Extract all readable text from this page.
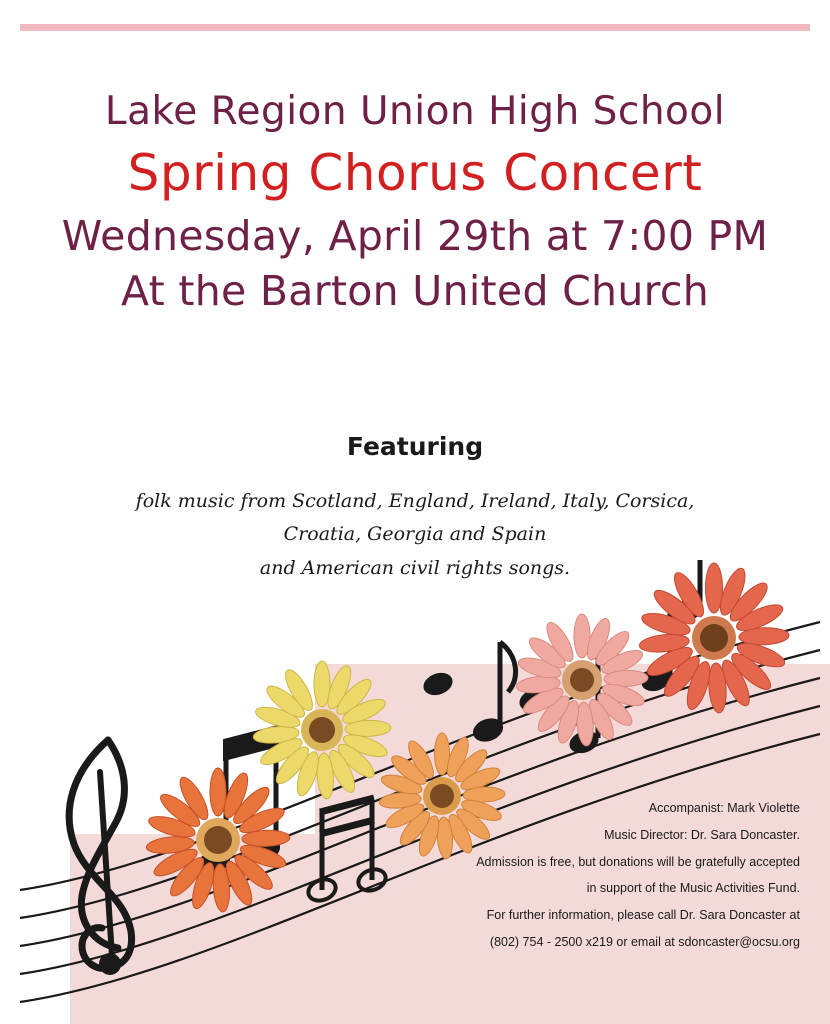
Lake Region Union High School
Spring Chorus Concert
Wednesday, April 29th at 7:00 PM
At the Barton United Church
Featuring
folk music from Scotland, England, Ireland, Italy, Corsica,
Croatia, Georgia and Spain
and American civil rights songs.
Accompanist: Mark Violette
Music Director: Dr. Sara Doncaster.
Admission is free, but donations will be gratefully accepted
in support of the Music Activities Fund.
For further information, please call Dr. Sara Doncaster at
(802) 754 - 2500 x219 or email at sdoncaster@ocsu.org
